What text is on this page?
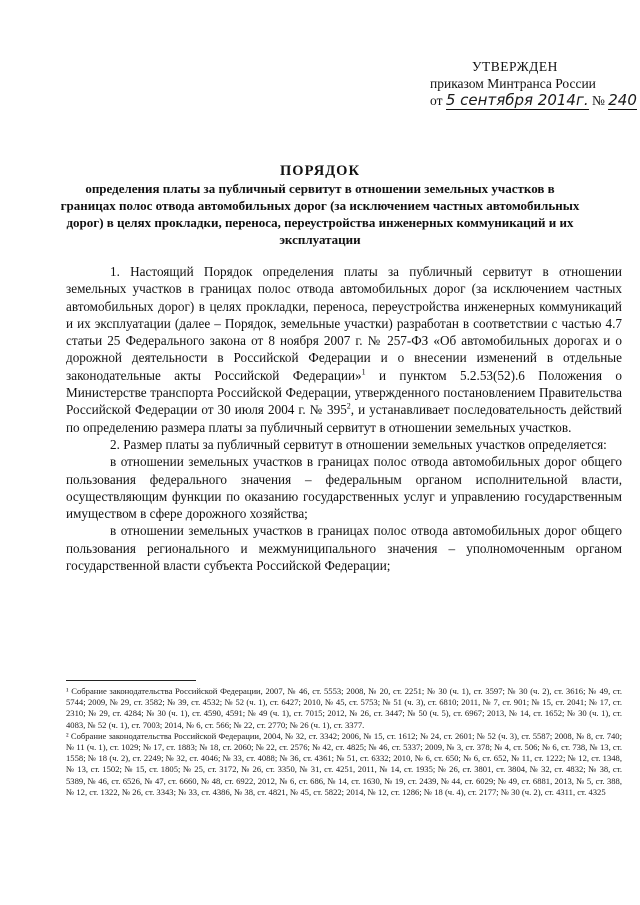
УТВЕРЖДЕН
приказом Минтранса России
от 5 сентября 2014г. № 240
ПОРЯДОК
определения платы за публичный сервитут в отношении земельных участков в границах полос отвода автомобильных дорог (за исключением частных автомобильных дорог) в целях прокладки, переноса, переустройства инженерных коммуникаций и их эксплуатации

1. Настоящий Порядок определения платы за публичный сервитут в отношении земельных участков в границах полос отвода автомобильных дорог (за исключением частных автомобильных дорог) в целях прокладки, переноса, переустройства инженерных коммуникаций и их эксплуатации (далее – Порядок, земельные участки) разработан в соответствии с частью 4.7 статьи 25 Федерального закона от 8 ноября 2007 г. № 257-ФЗ «Об автомобильных дорогах и о дорожной деятельности в Российской Федерации и о внесении изменений в отдельные законодательные акты Российской Федерации»$^1$ и пунктом 5.2.53(52).6 Положения о Министерстве транспорта Российской Федерации, утвержденного постановлением Правительства Российской Федерации от 30 июля 2004 г. № $395^2$, и устанавливает последовательность действий по определению размера платы за публичный сервитут в отношении земельных участков.

2. Размер платы за публичный сервитут в отношении земельных участков определяется:

в отношении земельных участков в границах полос отвода автомобильных дорог общего пользования федерального значения – федеральным органом исполнительной власти, осуществляющим функции по оказанию государственных услуг и управлению государственным имуществом в сфере дорожного хозяйства;

в отношении земельных участков в границах полос отвода автомобильных дорог общего пользования регионального и межмуниципального значения – уполномоченным органом государственной власти субъекта Российской Федерации;

¹ Собрание законодательства Российской Федерации, 2007, № 46, ст. 5553; 2008, № 20, ст. 2251; № 30 (ч. 1), ст. 3597; № 30 (ч. 2), ст. 3616; № 49, ст. 5744; 2009, № 29, ст. 3582; № 39, ст. 4532; № 52 (ч. 1), ст. 6427; 2010, № 45, ст. 5753; № 51 (ч. 3), ст. 6810; 2011, № 7, ст. 901; № 15, ст. 2041; № 17, ст. 2310; № 29, ст. 4284; № 30 (ч. 1), ст. 4590, 4591; № 49 (ч. 1), ст. 7015; 2012, № 26, ст. 3447; № 50 (ч. 5), ст. 6967; 2013, № 14, ст. 1652; № 30 (ч. 1), ст. 4083, № 52 (ч. 1), ст. 7003; 2014, № 6, ст. 566; № 22, ст. 2770; № 26 (ч. 1), ст. 3377.

² Собрание законодательства Российской Федерации, 2004, № 32, ст. 3342; 2006, № 15, ст. 1612; № 24, ст. 2601; № 52 (ч. 3), ст. 5587; 2008, № 8, ст. 740; № 11 (ч. 1), ст. 1029; № 17, ст. 1883; № 18, ст. 2060; № 22, ст. 2576; № 42, ст. 4825; № 46, ст. 5337; 2009, № 3, ст. 378; № 4, ст. 506; № 6, ст. 738, № 13, ст. 1558; № 18 (ч. 2), ст. 2249; № 32, ст. 4046; № 33, ст. 4088; № 36, ст. 4361; № 51, ст. 6332; 2010, № 6, ст. 650; № 6, ст. 652, № 11, ст. 1222; № 12, ст. 1348, № 13, ст. 1502; № 15, ст. 1805; № 25, ст. 3172, № 26, ст. 3350, № 31, ст. 4251, 2011, № 14, ст. 1935; № 26, ст. 3801, ст. 3804, № 32, ст. 4832; № 38, ст. 5389, № 46, ст. 6526, № 47, ст. 6660, № 48, ст. 6922, 2012, № 6, ст. 686, № 14, ст. 1630, № 19, ст. 2439, № 44, ст. 6029; № 49, ст. 6881, 2013, № 5, ст. 388, № 12, ст. 1322, № 26, ст. 3343; № 33, ст. 4386, № 38, ст. 4821, № 45, ст. 5822; 2014, № 12, ст. 1286; № 18 (ч. 4), ст. 2177; № 30 (ч. 2), ст. 4311, ст. 4325
